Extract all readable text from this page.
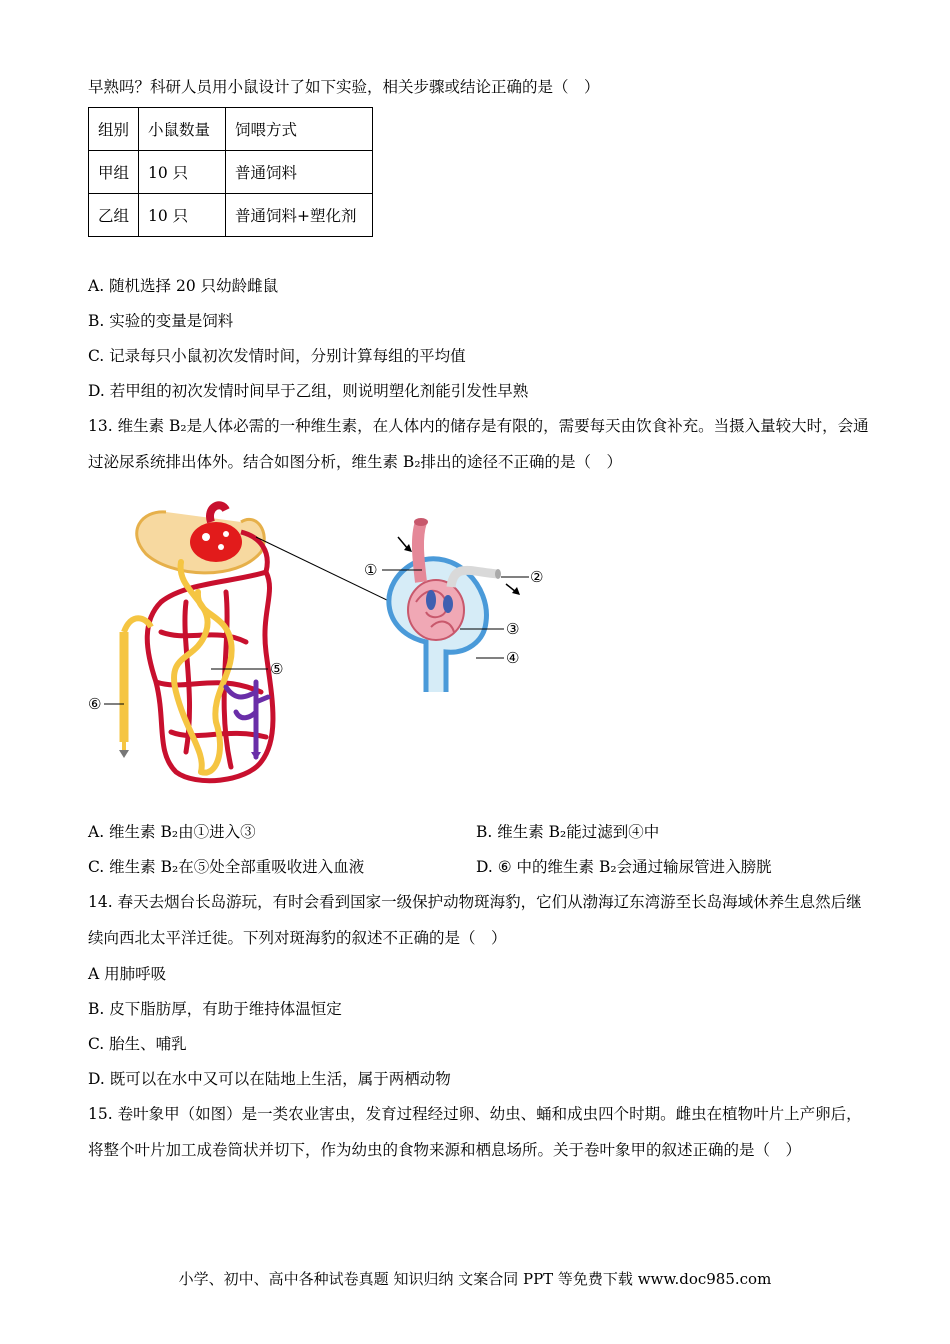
早熟吗？科研人员用小鼠设计了如下实验，相关步骤或结论正确的是（　）
组别	小鼠数量	饲喂方式
甲组	10 只	普通饲料
乙组	10 只	普通饲料+塑化剂
A. 随机选择 20 只幼龄雌鼠
B. 实验的变量是饲料
C. 记录每只小鼠初次发情时间，分别计算每组的平均值
D. 若甲组的初次发情时间早于乙组，则说明塑化剂能引发性早熟
13. 维生素 B₂是人体必需的一种维生素，在人体内的储存是有限的，需要每天由饮食补充。当摄入量较大时，会通过泌尿系统排出体外。结合如图分析，维生素 B₂排出的途径不正确的是（　）
⑤
⑥
①	②
③
④
A. 维生素 B₂由①进入③	B. 维生素 B₂能过滤到④中
C. 维生素 B₂在⑤处全部重吸收进入血液	D. ⑥ 中的维生素 B₂会通过输尿管进入膀胱
14. 春天去烟台长岛游玩，有时会看到国家一级保护动物斑海豹，它们从渤海辽东湾游至长岛海域休养生息然后继续向西北太平洋迁徙。下列对斑海豹的叙述不正确的是（　）
A 用肺呼吸
B. 皮下脂肪厚，有助于维持体温恒定
C. 胎生、哺乳
D. 既可以在水中又可以在陆地上生活，属于两栖动物
15. 卷叶象甲（如图）是一类农业害虫，发育过程经过卵、幼虫、蛹和成虫四个时期。雌虫在植物叶片上产卵后，将整个叶片加工成卷筒状并切下，作为幼虫的食物来源和栖息场所。关于卷叶象甲的叙述正确的是（　）
小学、初中、高中各种试卷真题 知识归纳 文案合同 PPT 等免费下载 www.doc985.com
